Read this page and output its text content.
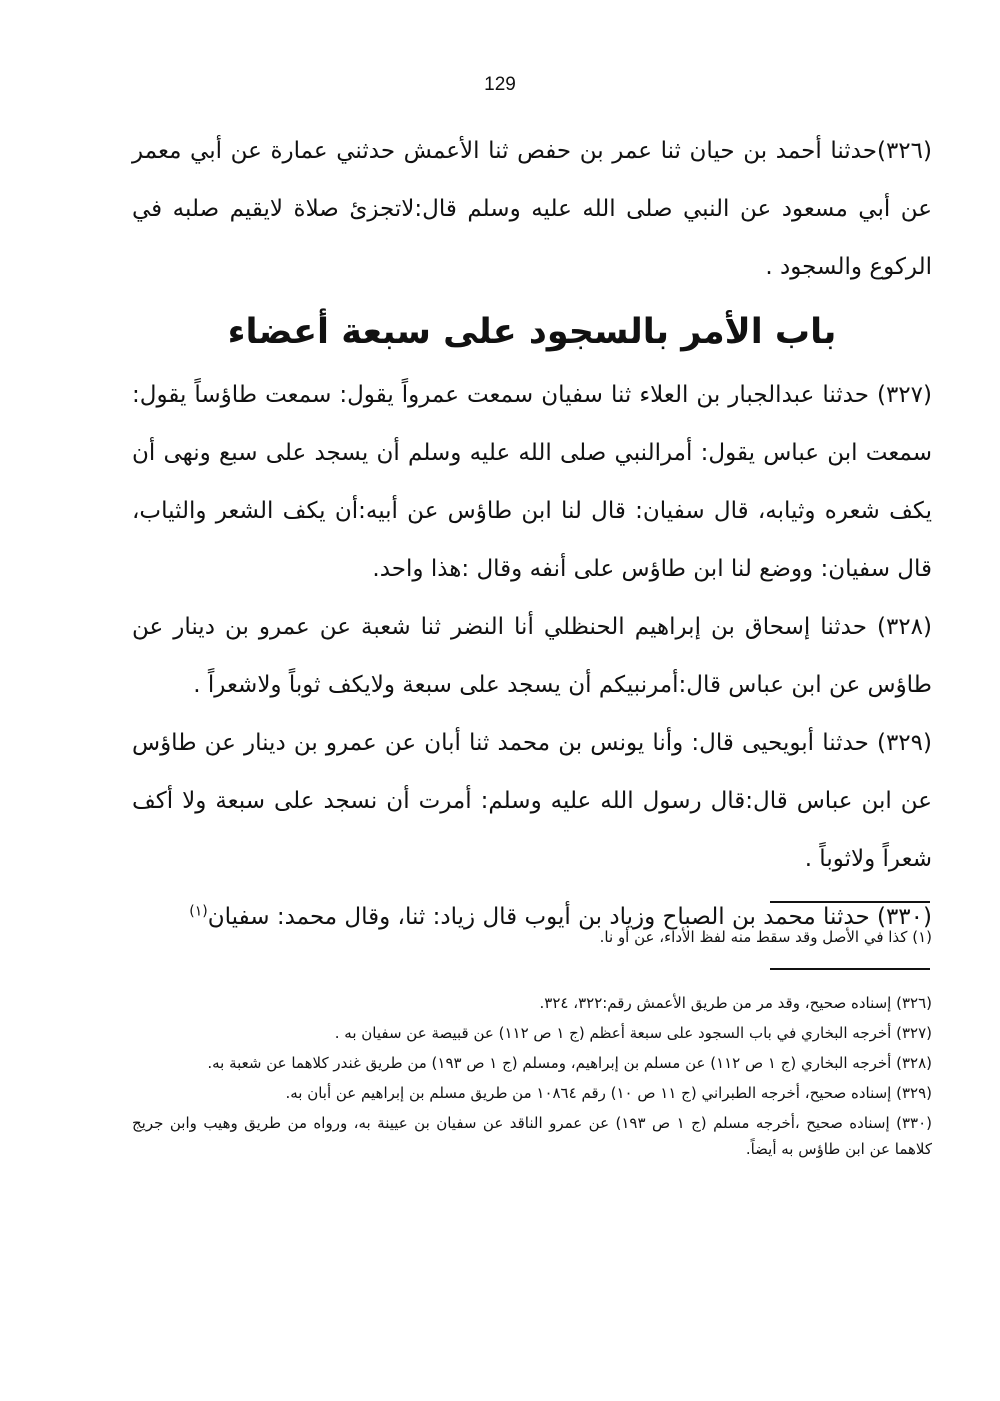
129

(٣٢٦)حدثنا أحمد بن حيان ثنا عمر بن حفص ثنا الأعمش حدثني عمارة عن أبي معمر عن أبي مسعود عن النبي صلى الله عليه وسلم قال:لاتجزئ صلاة لايقيم صلبه في الركوع والسجود .

باب الأمر بالسجود على سبعة أعضاء

(٣٢٧) حدثنا عبدالجبار بن العلاء ثنا سفيان سمعت عمرواً يقول: سمعت طاؤساً يقول: سمعت ابن عباس يقول: أمرالنبي صلى الله عليه وسلم أن يسجد على سبع ونهى أن يكف شعره وثيابه، قال سفيان: قال لنا ابن طاؤس عن أبيه:أن يكف الشعر والثياب، قال سفيان: ووضع لنا ابن طاؤس على أنفه وقال :هذا واحد.

(٣٢٨) حدثنا إسحاق بن إبراهيم الحنظلي أنا النضر ثنا شعبة عن عمرو بن دينار عن طاؤس عن ابن عباس قال:أمرنبيكم أن يسجد على سبعة ولايكف ثوباً ولاشعراً .

(٣٢٩) حدثنا أبويحيى قال: وأنا يونس بن محمد ثنا أبان عن عمرو بن دينار عن طاؤس عن ابن عباس قال:قال رسول الله عليه وسلم: أمرت أن نسجد على سبعة ولا أكف شعراً ولاثوباً .

(٣٣٠) حدثنا محمد بن الصباح وزياد بن أيوب قال زياد: ثنا، وقال محمد: سفيان$^{(١)}$

(١) كذا في الأصل وقد سقط منه لفظ الأداء، عن أو نا.

(٣٢٦) إسناده صحيح، وقد مر من طريق الأعمش رقم:٣٢٢، ٣٢٤.

(٣٢٧) أخرجه البخاري في باب السجود على سبعة أعظم (ج ١ ص ١١٢) عن قبيصة عن سفيان به .

(٣٢٨) أخرجه البخاري (ج ١ ص ١١٢) عن مسلم بن إبراهيم، ومسلم (ج ١ ص ١٩٣) من طريق غندر كلاهما عن شعبة به.

(٣٢٩) إسناده صحيح، أخرجه الطبراني (ج ١١ ص ١٠) رقم ١٠٨٦٤ من طريق مسلم بن إبراهيم عن أبان به.

(٣٣٠) إسناده صحيح ،أخرجه مسلم (ج ١ ص ١٩٣) عن عمرو الناقد عن سفيان بن عيينة به، ورواه من طريق وهيب وابن جريج كلاهما عن ابن طاؤس به أيضاً.
